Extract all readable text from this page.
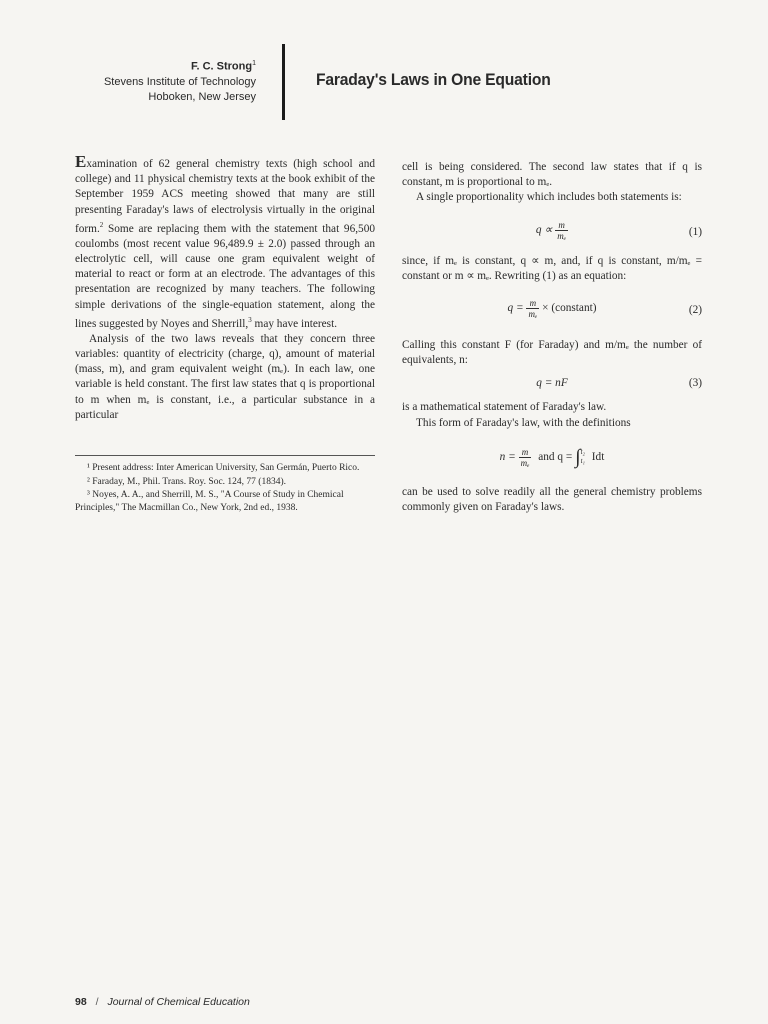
F. C. Strong$^1$
Stevens Institute of Technology
Hoboken, New Jersey
Faraday's Laws in One Equation

Examination of 62 general chemistry texts (high school and college) and 11 physical chemistry texts at the book exhibit of the September 1959 ACS meeting showed that many are still presenting Faraday's laws of electrolysis virtually in the original form.$^2$ Some are replacing them with the statement that 96,500 coulombs (most recent value 96,489.9 ± 2.0) passed through an electrolytic cell, will cause one gram equivalent weight of material to react or form at an electrode. The advantages of this presentation are recognized by many teachers. The following simple derivations of the single-equation statement, along the lines suggested by Noyes and Sherrill,$^3$ may have interest.

Analysis of the two laws reveals that they concern three variables: quantity of electricity (charge, q), amount of material (mass, m), and gram equivalent weight (mₑ). In each law, one variable is held constant. The first law states that q is proportional to m when mₑ is constant, i.e., a particular substance in a particular

¹ Present address: Inter American University, San Germán, Puerto Rico.

² Faraday, M., Phil. Trans. Roy. Soc. 124, 77 (1834).

³ Noyes, A. A., and Sherrill, M. S., "A Course of Study in Chemical Principles," The Macmillan Co., New York, 2nd ed., 1938.

cell is being considered. The second law states that if q is constant, m is proportional to mₑ.

A single proportionality which includes both statements is:

$q \propto \frac{m}{\text{mₑ}}$	(1)

since, if mₑ is constant, q ∝ m, and, if q is constant, m/mₑ = constant or m ∝ mₑ. Rewriting (1) as an equation:

$q = \frac{m}{\text{mₑ}}$ × (constant)	(2)

Calling this constant F (for Faraday) and m/mₑ the number of equivalents, n:

q = nF	(3)

is a mathematical statement of Faraday's law.

This form of Faraday's law, with the definitions

$n = \frac{m}{\text{mₑ}}$ and q = ∫ t₂
t₁ Idt

can be used to solve readily all the general chemistry problems commonly given on Faraday's laws.

98 / Journal of Chemical Education
